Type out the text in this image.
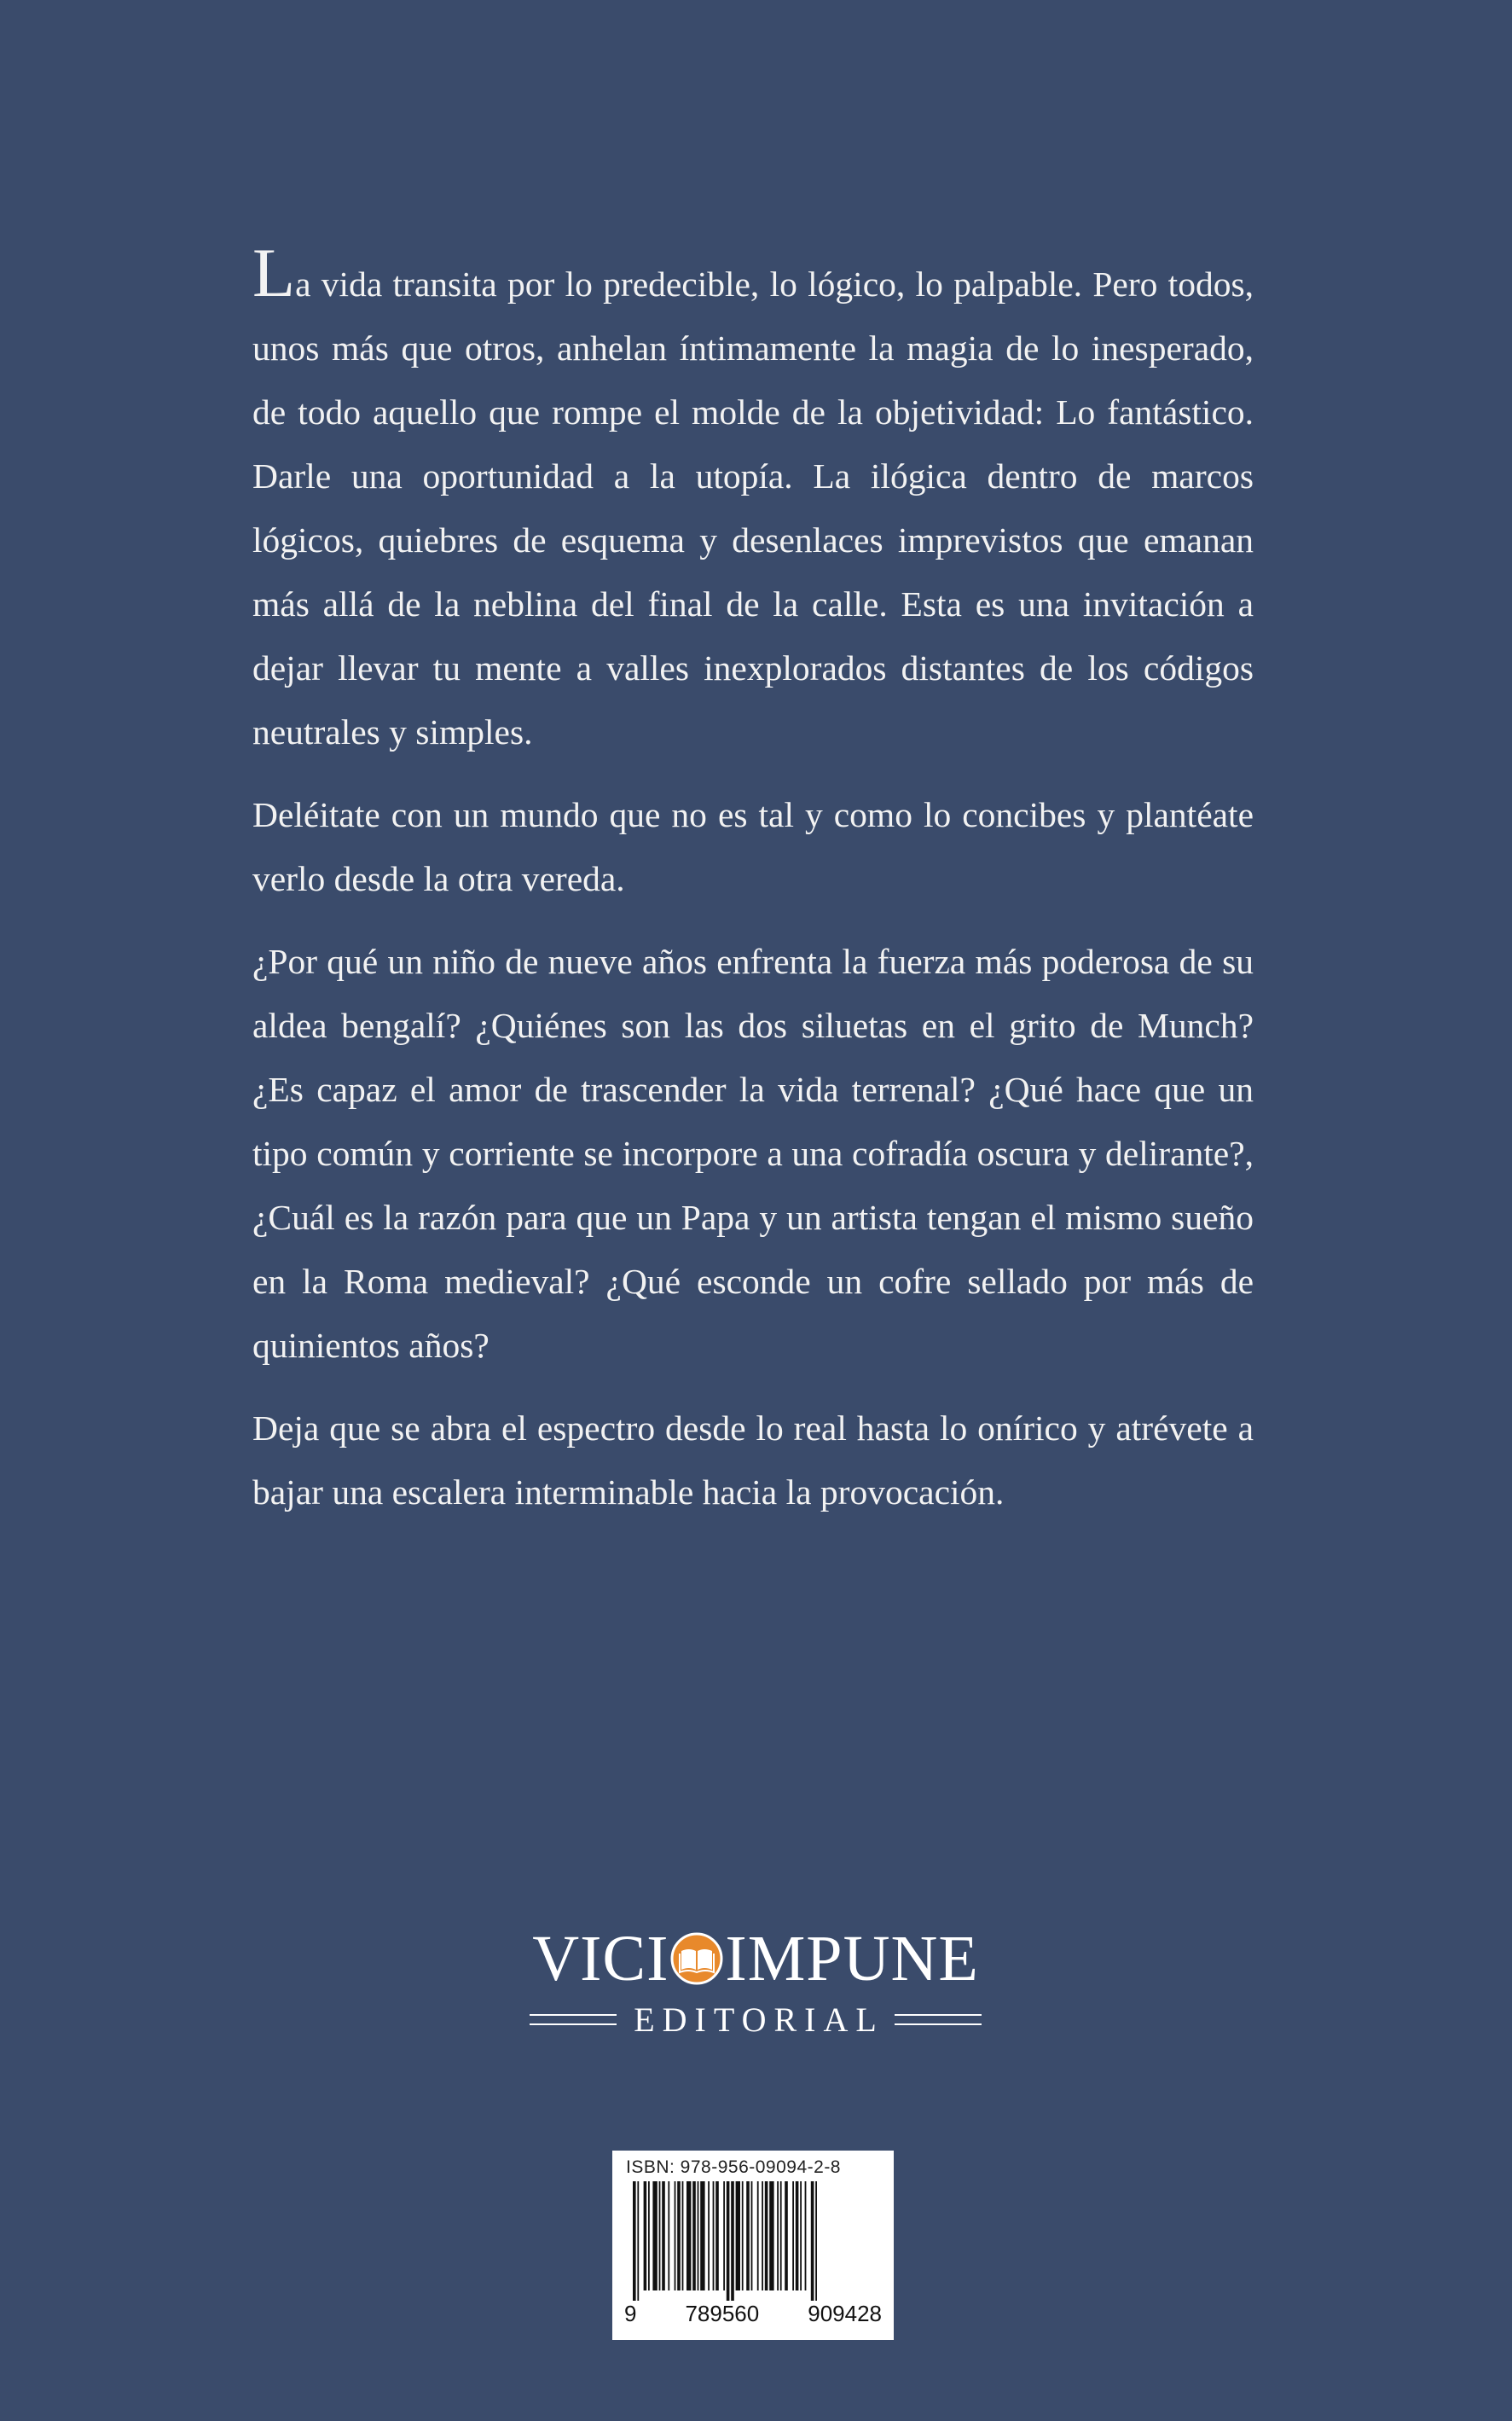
La vida transita por lo predecible, lo lógico, lo palpable. Pero todos, unos más que otros, anhelan íntimamente la magia de lo inesperado, de todo aquello que rompe el molde de la objetividad: Lo fantástico. Darle una oportunidad a la utopía. La ilógica dentro de marcos lógicos, quiebres de esquema y desenlaces imprevistos que emanan más allá de la neblina del final de la calle. Esta es una invitación a dejar llevar tu mente a valles inexplorados distantes de los códigos neutrales y simples.

Deléitate con un mundo que no es tal y como lo concibes y plantéate verlo desde la otra vereda.

¿Por qué un niño de nueve años enfrenta la fuerza más poderosa de su aldea bengalí? ¿Quiénes son las dos siluetas en el grito de Munch? ¿Es capaz el amor de trascender la vida terrenal? ¿Qué hace que un tipo común y corriente se incorpore a una cofradía oscura y delirante?, ¿Cuál es la razón para que un Papa y un artista tengan el mismo sueño en la Roma medieval? ¿Qué esconde un cofre sellado por más de quinientos años?

Deja que se abra el espectro desde lo real hasta lo onírico y atrévete a bajar una escalera interminable hacia la provocación.

VICI IMPUNE
EDITORIAL
ISBN: 978-956-09094-2-8
9 789560 909428
